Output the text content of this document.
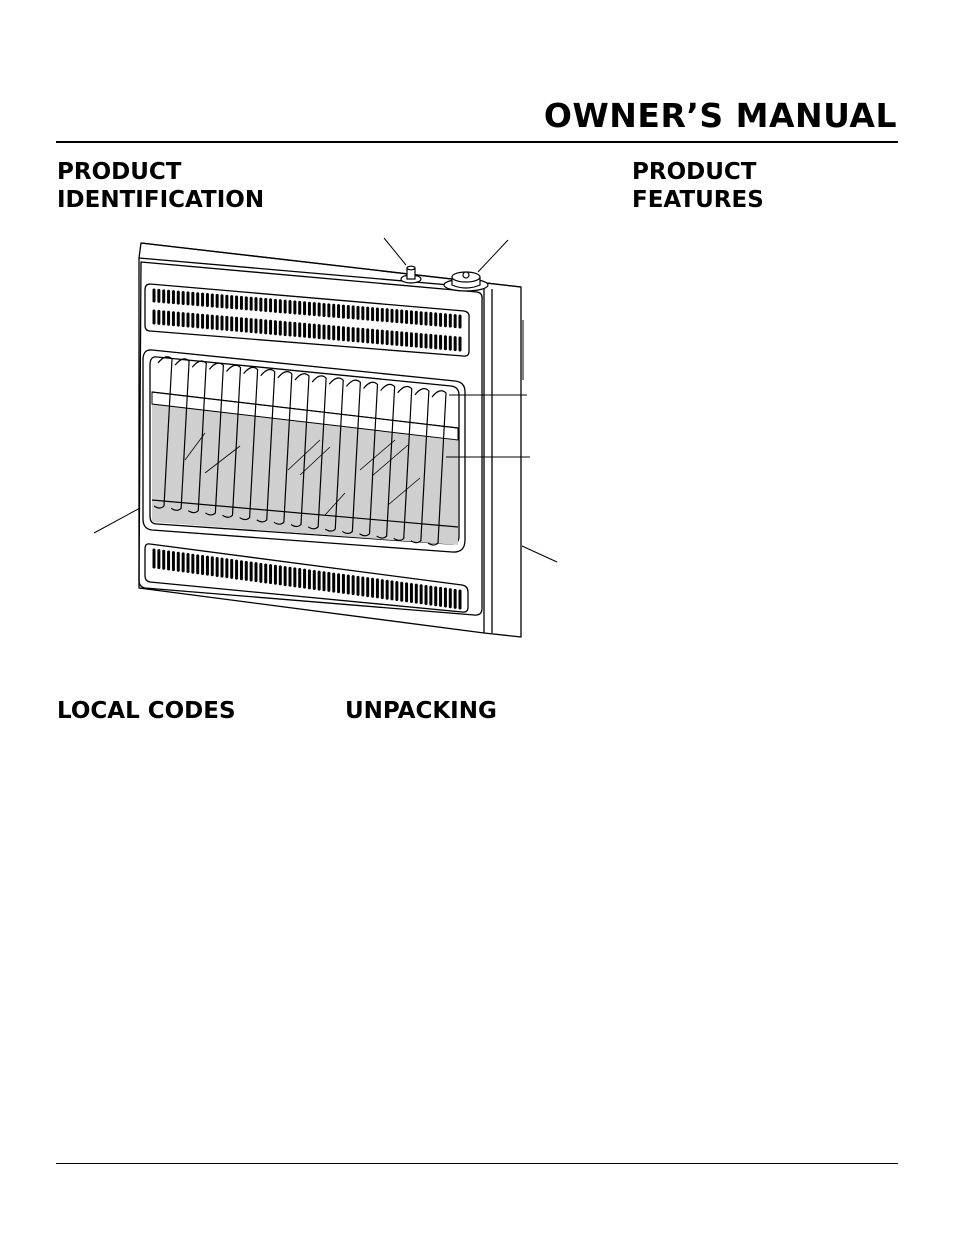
OWNER’S MANUAL
PRODUCT
IDENTIFICATION
PRODUCT
FEATURES
LOCAL CODES	UNPACKING
